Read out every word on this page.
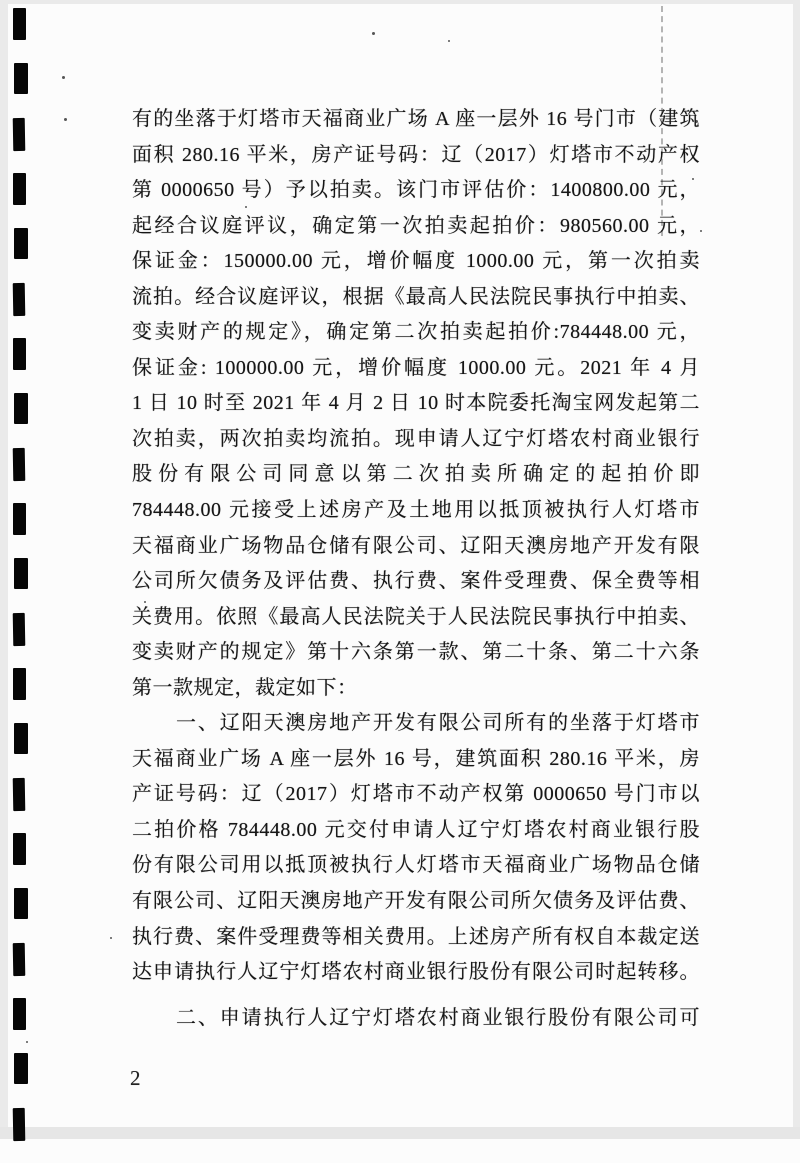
有的坐落于灯塔市天福商业广场 A 座一层外 16 号门市（建筑
面积 280.16 平米，房产证号码：辽（2017）灯塔市不动产权
第 0000650 号）予以拍卖。该门市评估价：1400800.00 元，
起经合议庭评议，确定第一次拍卖起拍价：980560.00 元，
保证金：150000.00 元，增价幅度 1000.00 元，第一次拍卖
流拍。经合议庭评议，根据《最高人民法院民事执行中拍卖、
变卖财产的规定》，确定第二次拍卖起拍价:784448.00 元，
保证金: 100000.00 元，增价幅度 1000.00 元。2021 年 4 月
1 日 10 时至 2021 年 4 月 2 日 10 时本院委托淘宝网发起第二
次拍卖，两次拍卖均流拍。现申请人辽宁灯塔农村商业银行
股份有限公司同意以第二次拍卖所确定的起拍价即
784448.00 元接受上述房产及土地用以抵顶被执行人灯塔市
天福商业广场物品仓储有限公司、辽阳天澳房地产开发有限
公司所欠债务及评估费、执行费、案件受理费、保全费等相
关费用。依照《最高人民法院关于人民法院民事执行中拍卖、
变卖财产的规定》第十六条第一款、第二十条、第二十六条
第一款规定，裁定如下：
一、辽阳天澳房地产开发有限公司所有的坐落于灯塔市
天福商业广场 A 座一层外 16 号，建筑面积 280.16 平米，房
产证号码：辽（2017）灯塔市不动产权第 0000650 号门市以
二拍价格 784448.00 元交付申请人辽宁灯塔农村商业银行股
份有限公司用以抵顶被执行人灯塔市天福商业广场物品仓储
有限公司、辽阳天澳房地产开发有限公司所欠债务及评估费、
执行费、案件受理费等相关费用。上述房产所有权自本裁定送
达申请执行人辽宁灯塔农村商业银行股份有限公司时起转移。
二、申请执行人辽宁灯塔农村商业银行股份有限公司可
2
